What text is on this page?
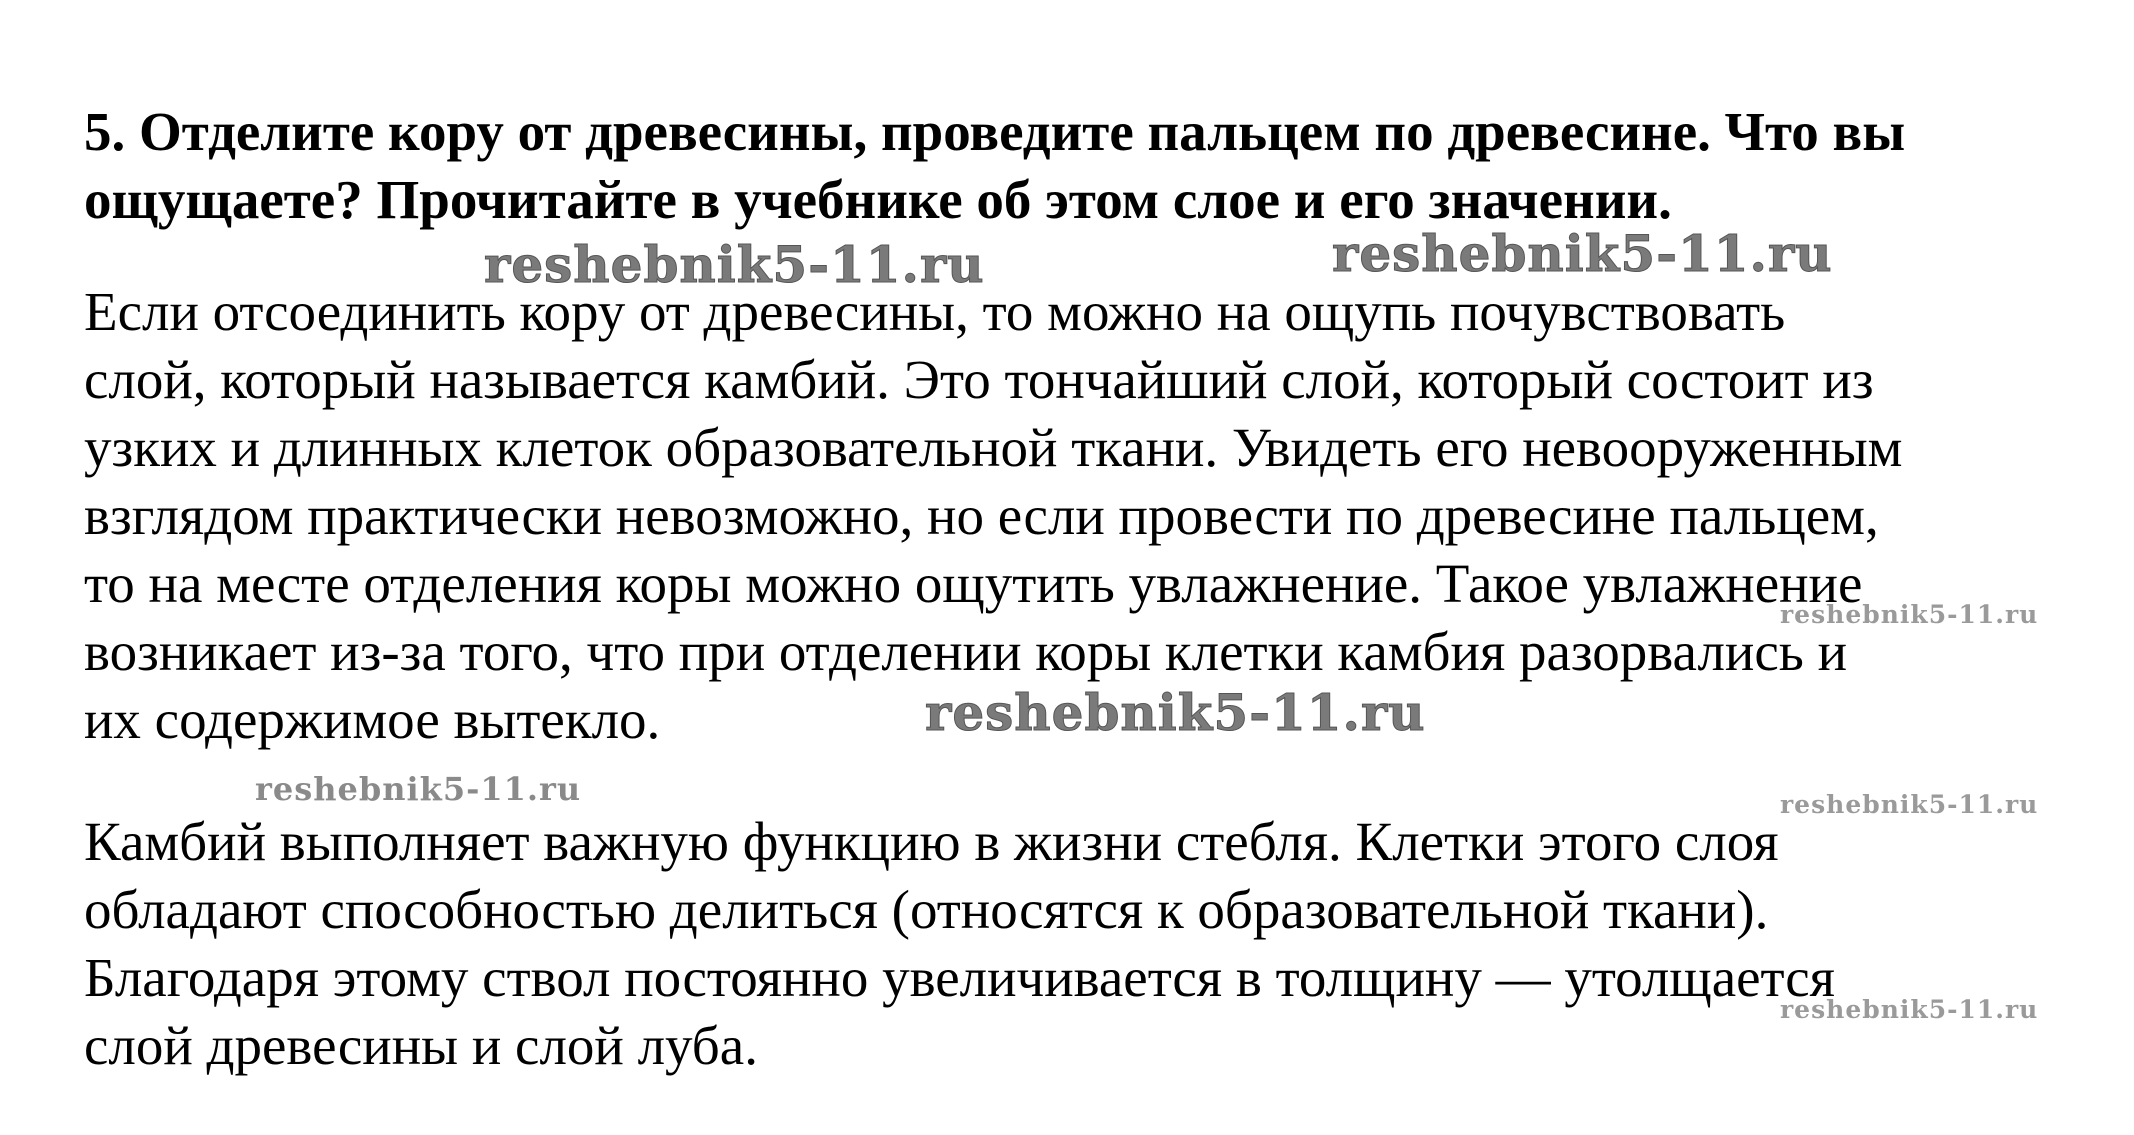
5. Отделите кору от древесины, проведите пальцем по древесине. Что вы
ощущаете? Прочитайте в учебнике об этом слое и его значении.
reshebnik5-11.ru	reshebnik5-11.ru
Если отсоединить кору от древесины, то можно на ощупь почувствовать
слой, который называется камбий. Это тончайший слой, который состоит из
узких и длинных клеток образовательной ткани. Увидеть его невооруженным
взглядом практически невозможно, но если провести по древесине пальцем,
то на месте отделения коры можно ощутить увлажнение. Такое увлажнение
возникает из-за того, что при отделении коры клетки камбия разорвались и
их содержимое вытекло.
reshebnik5-11.ru
reshebnik5-11.ru
reshebnik5-11.ru	reshebnik5-11.ru
Камбий выполняет важную функцию в жизни стебля. Клетки этого слоя
обладают способностью делиться (относятся к образовательной ткани).
Благодаря этому ствол постоянно увеличивается в толщину — утолщается
слой древесины и слой луба.
reshebnik5-11.ru
